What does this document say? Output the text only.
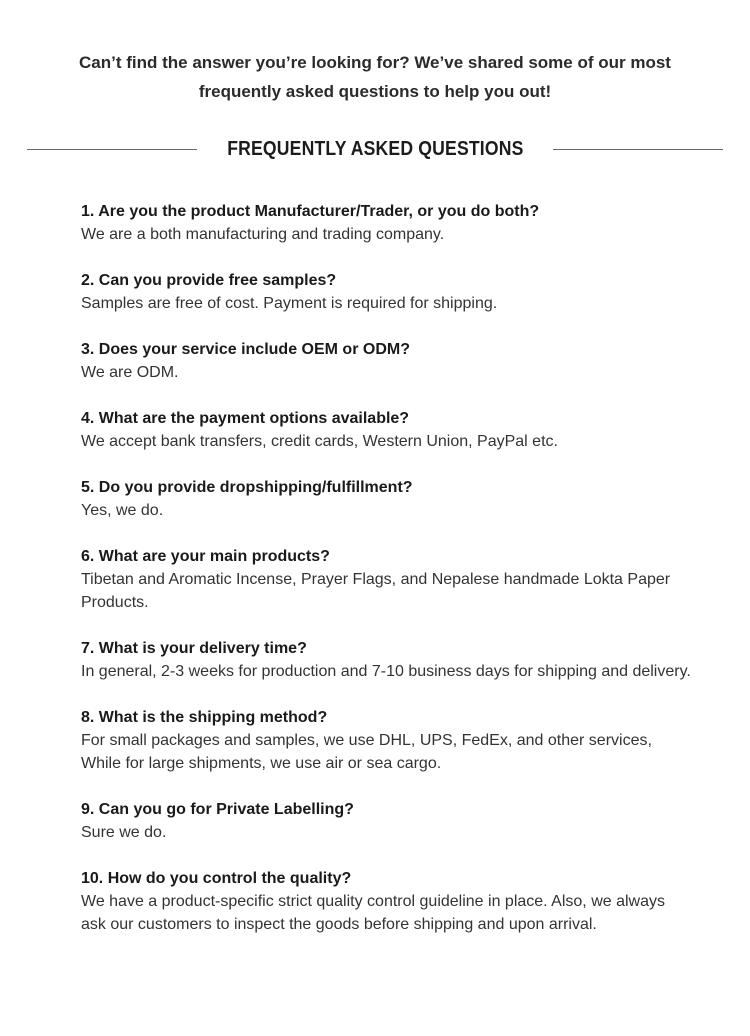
Can’t find the answer you’re looking for? We’ve shared some of our most
frequently asked questions to help you out!
FREQUENTLY ASKED QUESTIONS
1. Are you the product Manufacturer/Trader, or you do both?
We are a both manufacturing and trading company.
2. Can you provide free samples?
Samples are free of cost. Payment is required for shipping.
3. Does your service include OEM or ODM?
We are ODM.
4. What are the payment options available?
We accept bank transfers, credit cards, Western Union, PayPal etc.
5. Do you provide dropshipping/fulfillment?
Yes, we do.
6. What are your main products?
Tibetan and Aromatic Incense, Prayer Flags, and Nepalese handmade Lokta Paper Products.
7. What is your delivery time?
In general, 2-3 weeks for production and 7-10 business days for shipping and delivery.
8. What is the shipping method?
For small packages and samples, we use DHL, UPS, FedEx, and other services, While for large shipments, we use air or sea cargo.
9. Can you go for Private Labelling?
Sure we do.
10. How do you control the quality?
We have a product-specific strict quality control guideline in place. Also, we always ask our customers to inspect the goods before shipping and upon arrival.
